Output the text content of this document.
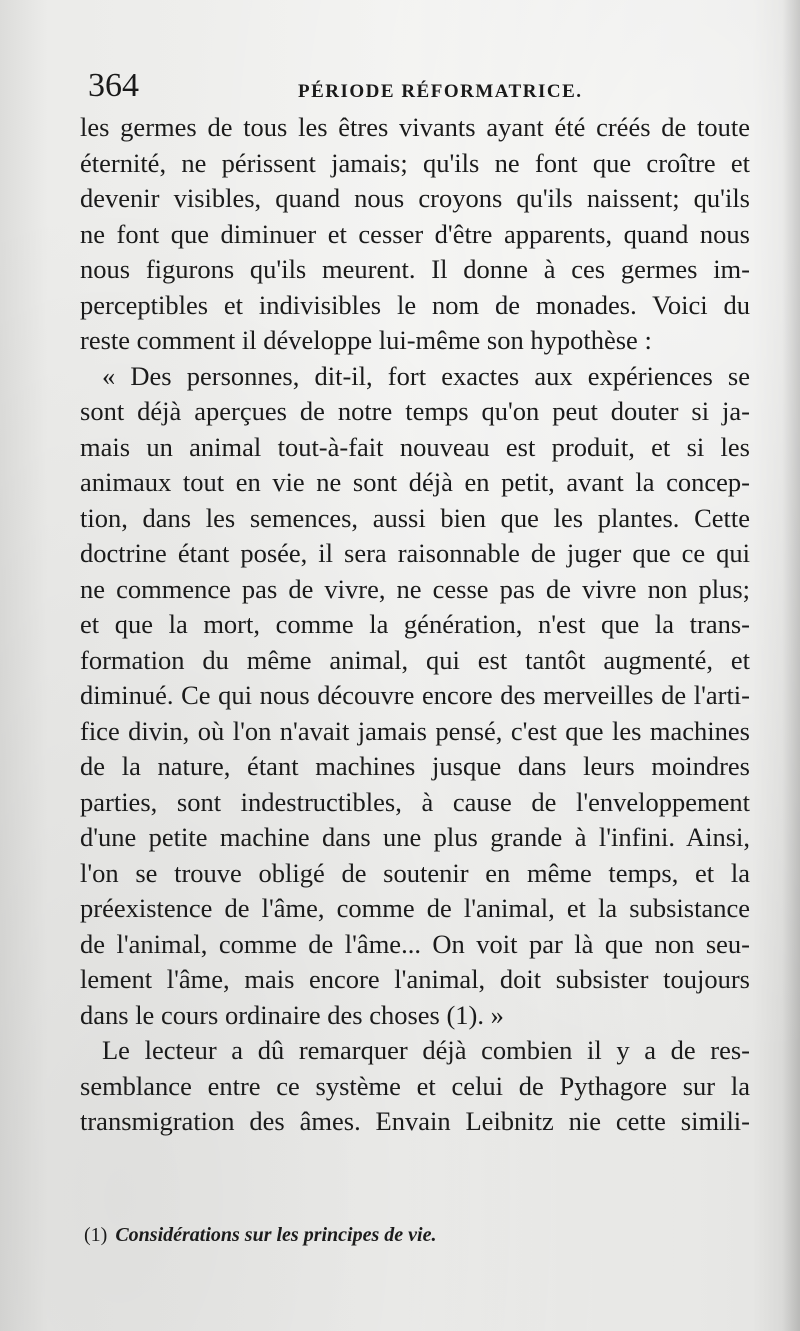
364	PÉRIODE RÉFORMATRICE.
les germes de tous les êtres vivants ayant été créés de toute
éternité, ne périssent jamais; qu'ils ne font que croître et
devenir visibles, quand nous croyons qu'ils naissent; qu'ils
ne font que diminuer et cesser d'être apparents, quand nous
nous figurons qu'ils meurent. Il donne à ces germes im-
perceptibles et indivisibles le nom de monades. Voici du
reste comment il développe lui-même son hypothèse :
« Des personnes, dit-il, fort exactes aux expériences se
sont déjà aperçues de notre temps qu'on peut douter si ja-
mais un animal tout-à-fait nouveau est produit, et si les
animaux tout en vie ne sont déjà en petit, avant la concep-
tion, dans les semences, aussi bien que les plantes. Cette
doctrine étant posée, il sera raisonnable de juger que ce qui
ne commence pas de vivre, ne cesse pas de vivre non plus;
et que la mort, comme la génération, n'est que la trans-
formation du même animal, qui est tantôt augmenté, et
diminué. Ce qui nous découvre encore des merveilles de l'arti-
fice divin, où l'on n'avait jamais pensé, c'est que les machines
de la nature, étant machines jusque dans leurs moindres
parties, sont indestructibles, à cause de l'enveloppement
d'une petite machine dans une plus grande à l'infini. Ainsi,
l'on se trouve obligé de soutenir en même temps, et la
préexistence de l'âme, comme de l'animal, et la subsistance
de l'animal, comme de l'âme... On voit par là que non seu-
lement l'âme, mais encore l'animal, doit subsister toujours
dans le cours ordinaire des choses (1). »
Le lecteur a dû remarquer déjà combien il y a de res-
semblance entre ce système et celui de Pythagore sur la
transmigration des âmes. Envain Leibnitz nie cette simili-
(1) Considérations sur les principes de vie.
